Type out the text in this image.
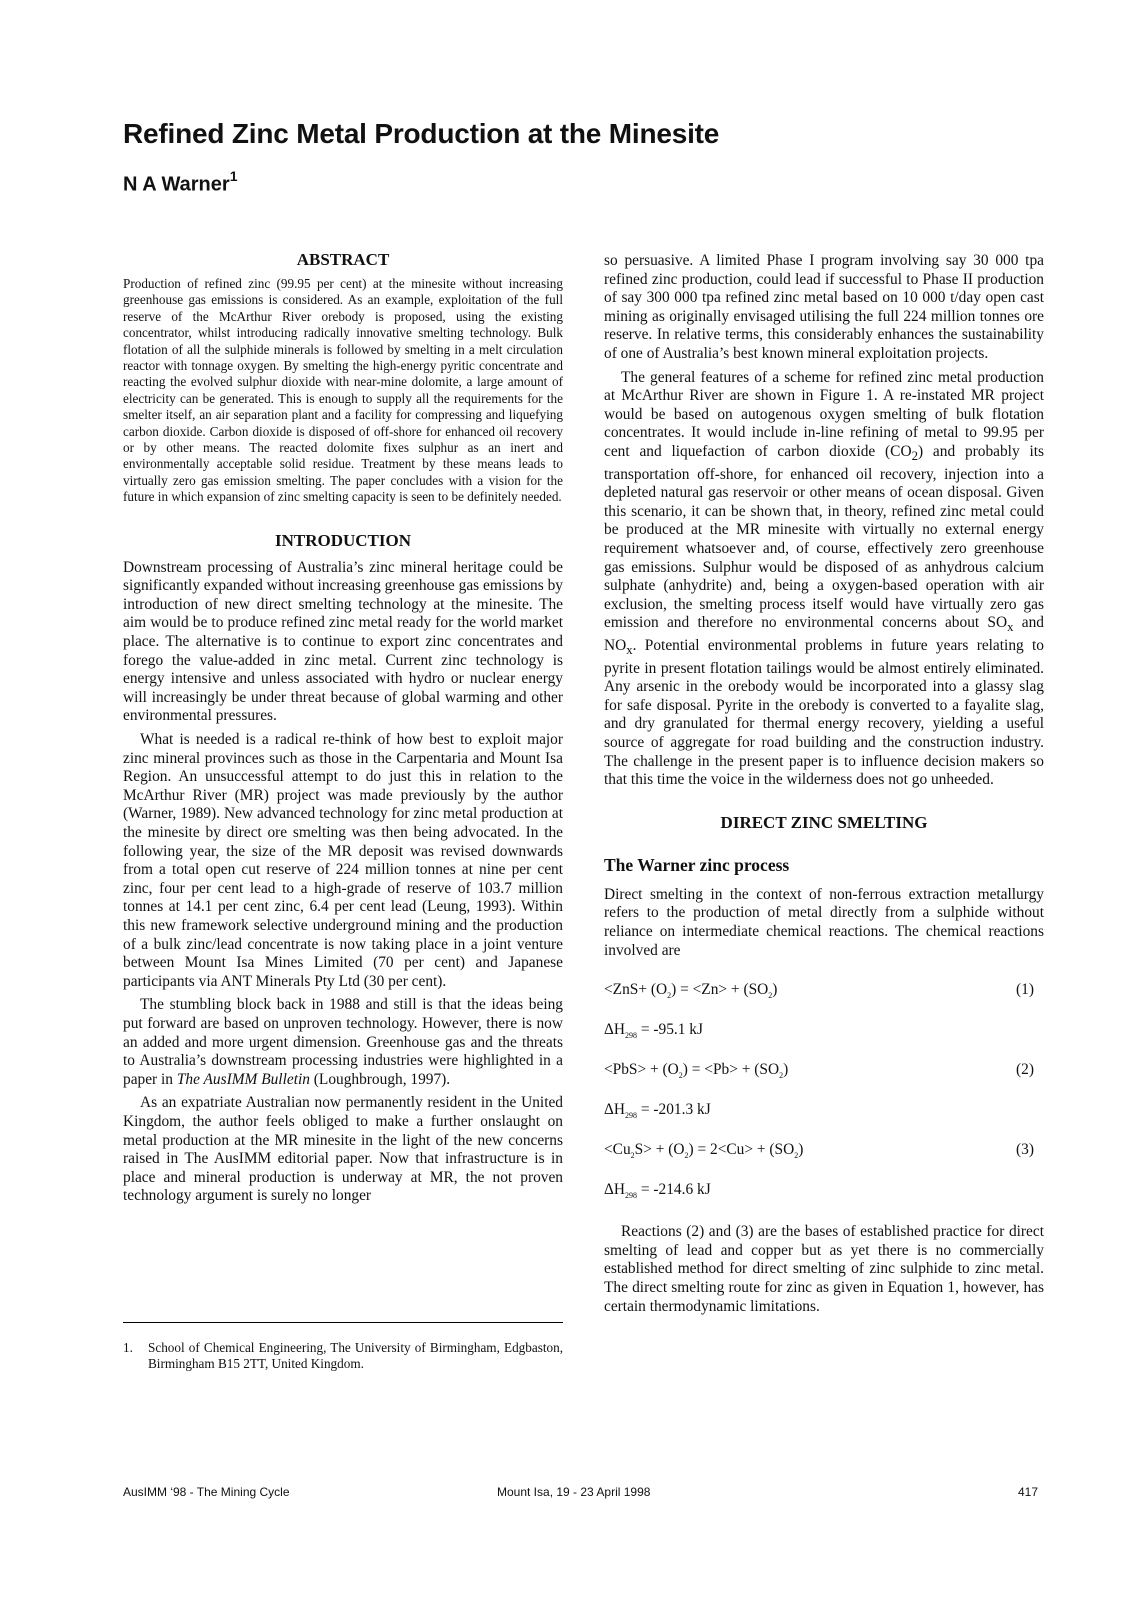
Refined Zinc Metal Production at the Minesite
N A Warner$^1$
ABSTRACT

Production of refined zinc (99.95 per cent) at the minesite without increasing greenhouse gas emissions is considered. As an example, exploitation of the full reserve of the McArthur River orebody is proposed, using the existing concentrator, whilst introducing radically innovative smelting technology. Bulk flotation of all the sulphide minerals is followed by smelting in a melt circulation reactor with tonnage oxygen. By smelting the high-energy pyritic concentrate and reacting the evolved sulphur dioxide with near-mine dolomite, a large amount of electricity can be generated. This is enough to supply all the requirements for the smelter itself, an air separation plant and a facility for compressing and liquefying carbon dioxide. Carbon dioxide is disposed of off-shore for enhanced oil recovery or by other means. The reacted dolomite fixes sulphur as an inert and environmentally acceptable solid residue. Treatment by these means leads to virtually zero gas emission smelting. The paper concludes with a vision for the future in which expansion of zinc smelting capacity is seen to be definitely needed.

INTRODUCTION

Downstream processing of Australia’s zinc mineral heritage could be significantly expanded without increasing greenhouse gas emissions by introduction of new direct smelting technology at the minesite. The aim would be to produce refined zinc metal ready for the world market place. The alternative is to continue to export zinc concentrates and forego the value-added in zinc metal. Current zinc technology is energy intensive and unless associated with hydro or nuclear energy will increasingly be under threat because of global warming and other environmental pressures.

What is needed is a radical re-think of how best to exploit major zinc mineral provinces such as those in the Carpentaria and Mount Isa Region. An unsuccessful attempt to do just this in relation to the McArthur River (MR) project was made previously by the author (Warner, 1989). New advanced technology for zinc metal production at the minesite by direct ore smelting was then being advocated. In the following year, the size of the MR deposit was revised downwards from a total open cut reserve of 224 million tonnes at nine per cent zinc, four per cent lead to a high-grade of reserve of 103.7 million tonnes at 14.1 per cent zinc, 6.4 per cent lead (Leung, 1993). Within this new framework selective underground mining and the production of a bulk zinc/lead concentrate is now taking place in a joint venture between Mount Isa Mines Limited (70 per cent) and Japanese participants via ANT Minerals Pty Ltd (30 per cent).

The stumbling block back in 1988 and still is that the ideas being put forward are based on unproven technology. However, there is now an added and more urgent dimension. Greenhouse gas and the threats to Australia’s downstream processing industries were highlighted in a paper in The AusIMM Bulletin (Loughbrough, 1997).

As an expatriate Australian now permanently resident in the United Kingdom, the author feels obliged to make a further onslaught on metal production at the MR minesite in the light of the new concerns raised in The AusIMM editorial paper. Now that infrastructure is in place and mineral production is underway at MR, the not proven technology argument is surely no longer

1. School of Chemical Engineering, The University of Birmingham, Edgbaston, Birmingham B15 2TT, United Kingdom.

so persuasive. A limited Phase I program involving say 30 000 tpa refined zinc production, could lead if successful to Phase II production of say 300 000 tpa refined zinc metal based on 10 000 t/day open cast mining as originally envisaged utilising the full 224 million tonnes ore reserve. In relative terms, this considerably enhances the sustainability of one of Australia’s best known mineral exploitation projects.

The general features of a scheme for refined zinc metal production at McArthur River are shown in Figure 1. A re-instated MR project would be based on autogenous oxygen smelting of bulk flotation concentrates. It would include in-line refining of metal to 99.95 per cent and liquefaction of carbon dioxide $(CO_2)$ and probably its transportation off-shore, for enhanced oil recovery, injection into a depleted natural gas reservoir or other means of ocean disposal. Given this scenario, it can be shown that, in theory, refined zinc metal could be produced at the MR minesite with virtually no external energy requirement whatsoever and, of course, effectively zero greenhouse gas emissions. Sulphur would be disposed of as anhydrous calcium sulphate (anhydrite) and, being a oxygen-based operation with air exclusion, the smelting process itself would have virtually zero gas emission and therefore no environmental concerns about $SO_x$ and $NO_x$. Potential environmental problems in future years relating to pyrite in present flotation tailings would be almost entirely eliminated. Any arsenic in the orebody would be incorporated into a glassy slag for safe disposal. Pyrite in the orebody is converted to a fayalite slag, and dry granulated for thermal energy recovery, yielding a useful source of aggregate for road building and the construction industry. The challenge in the present paper is to influence decision makers so that this time the voice in the wilderness does not go unheeded.

DIRECT ZINC SMELTING
The Warner zinc process

Direct smelting in the context of non-ferrous extraction metallurgy refers to the production of metal directly from a sulphide without reliance on intermediate chemical reactions. The chemical reactions involved are

$<ZnS+ (O_2) = <Zn> + (SO_2)$	(1)
$\Delta H_{298} = -95.1$ kJ
$<PbS> + (O_2) = <Pb> + (SO_2)$	(2)
$\Delta H_{298} = -201.3$ kJ
$<Cu_2S> + (O_2) = 2<Cu> + (SO_2)$	(3)
$\Delta H_{298} = -214.6$ kJ

Reactions (2) and (3) are the bases of established practice for direct smelting of lead and copper but as yet there is no commercially established method for direct smelting of zinc sulphide to zinc metal. The direct smelting route for zinc as given in Equation 1, however, has certain thermodynamic limitations.

AusIMM ‘98 - The Mining Cycle	Mount Isa, 19 - 23 April 1998	417
